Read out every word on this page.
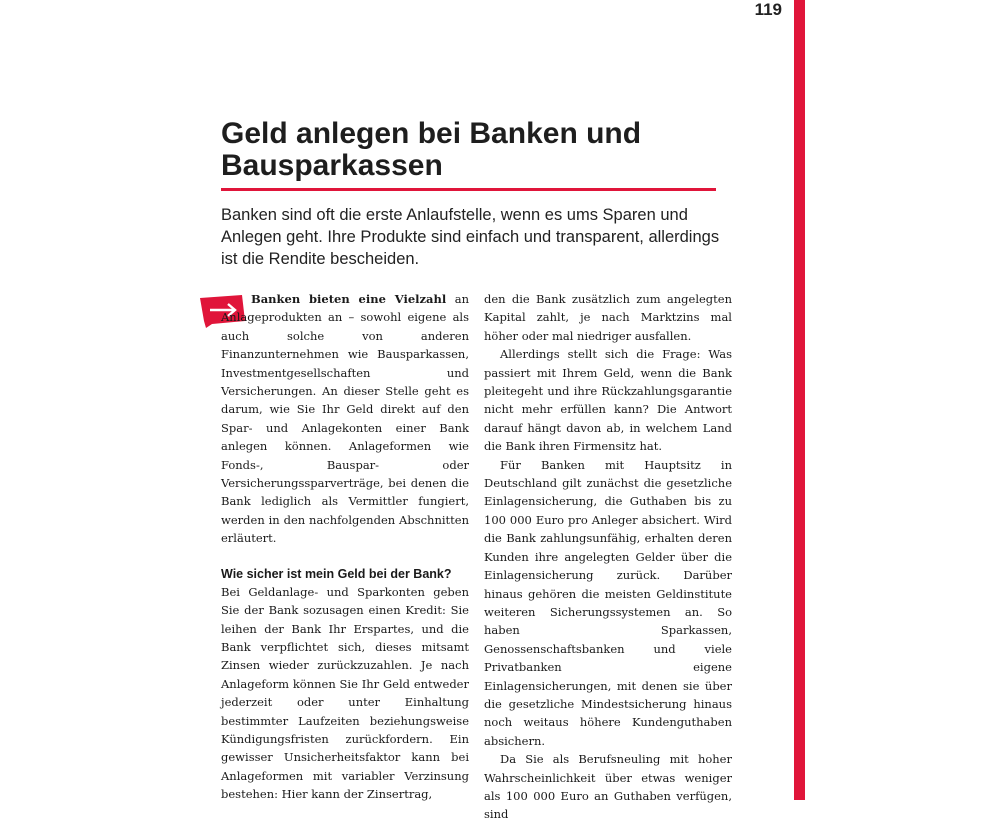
119
Geld anlegen bei Banken und Bausparkassen

Banken sind oft die erste Anlaufstelle, wenn es ums Sparen und Anlegen geht. Ihre Produkte sind einfach und transparent, allerdings ist die Rendite bescheiden.

Banken bieten eine Vielzahl an Anlageprodukten an – sowohl eigene als auch solche von anderen Finanzunternehmen wie Bausparkassen, Investmentgesellschaften und Versicherungen. An dieser Stelle geht es darum, wie Sie Ihr Geld direkt auf den Spar- und Anlagekonten einer Bank anlegen können. Anlageformen wie Fonds-, Bauspar- oder Versicherungssparverträge, bei denen die Bank lediglich als Vermittler fungiert, werden in den nachfolgenden Abschnitten erläutert.

Wie sicher ist mein Geld bei der Bank?

Bei Geldanlage- und Sparkonten geben Sie der Bank sozusagen einen Kredit: Sie leihen der Bank Ihr Erspartes, und die Bank verpflichtet sich, dieses mitsamt Zinsen wieder zurückzuzahlen. Je nach Anlageform können Sie Ihr Geld entweder jederzeit oder unter Einhaltung bestimmter Laufzeiten beziehungsweise Kündigungsfristen zurückfordern. Ein gewisser Unsicherheitsfaktor kann bei Anlageformen mit variabler Verzinsung bestehen: Hier kann der Zinsertrag,

den die Bank zusätzlich zum angelegten Kapital zahlt, je nach Marktzins mal höher oder mal niedriger ausfallen.

Allerdings stellt sich die Frage: Was passiert mit Ihrem Geld, wenn die Bank pleitegeht und ihre Rückzahlungsgarantie nicht mehr erfüllen kann? Die Antwort darauf hängt davon ab, in welchem Land die Bank ihren Firmensitz hat.

Für Banken mit Hauptsitz in Deutschland gilt zunächst die gesetzliche Einlagensicherung, die Guthaben bis zu 100 000 Euro pro Anleger absichert. Wird die Bank zahlungsunfähig, erhalten deren Kunden ihre angelegten Gelder über die Einlagensicherung zurück. Darüber hinaus gehören die meisten Geldinstitute weiteren Sicherungssystemen an. So haben Sparkassen, Genossenschaftsbanken und viele Privatbanken eigene Einlagensicherungen, mit denen sie über die gesetzliche Mindestsicherung hinaus noch weitaus höhere Kundenguthaben absichern.

Da Sie als Berufsneuling mit hoher Wahrscheinlichkeit über etwas weniger als 100 000 Euro an Guthaben verfügen, sind
